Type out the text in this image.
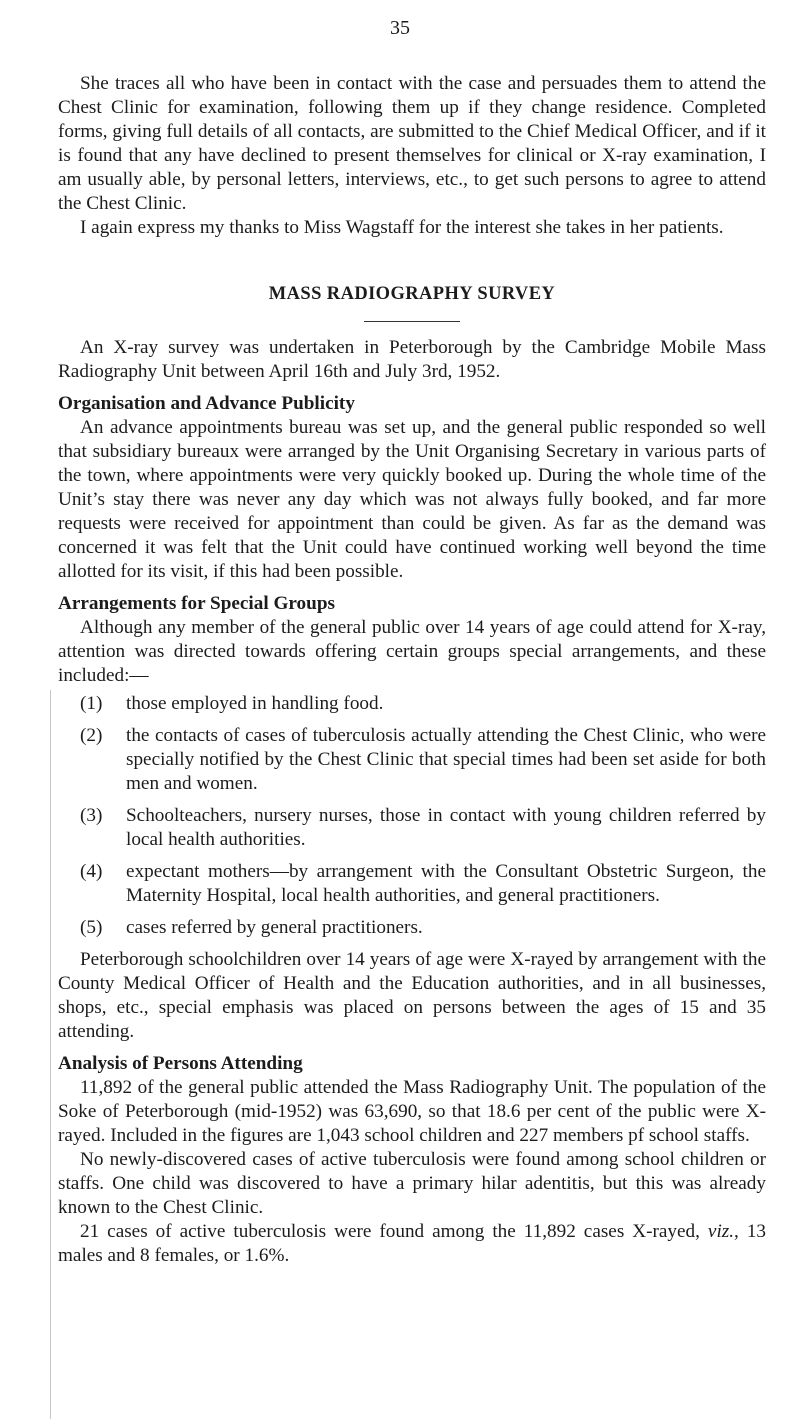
35

She traces all who have been in contact with the case and persuades them to attend the Chest Clinic for examination, following them up if they change residence. Completed forms, giving full details of all contacts, are submitted to the Chief Medical Officer, and if it is found that any have declined to present themselves for clinical or X-ray examination, I am usually able, by personal letters, interviews, etc., to get such persons to agree to attend the Chest Clinic.

I again express my thanks to Miss Wagstaff for the interest she takes in her patients.

MASS RADIOGRAPHY SURVEY

An X-ray survey was undertaken in Peterborough by the Cambridge Mobile Mass Radiography Unit between April 16th and July 3rd, 1952.

Organisation and Advance Publicity

An advance appointments bureau was set up, and the general public responded so well that subsidiary bureaux were arranged by the Unit Organising Secretary in various parts of the town, where appointments were very quickly booked up. During the whole time of the Unit’s stay there was never any day which was not always fully booked, and far more requests were received for appointment than could be given. As far as the demand was concerned it was felt that the Unit could have continued working well beyond the time allotted for its visit, if this had been possible.

Arrangements for Special Groups

Although any member of the general public over 14 years of age could attend for X-ray, attention was directed towards offering certain groups special arrangements, and these included:—

(1) those employed in handling food.
(2) the contacts of cases of tuberculosis actually attending the Chest Clinic, who were specially notified by the Chest Clinic that special times had been set aside for both men and women.
(3) Schoolteachers, nursery nurses, those in contact with young children referred by local health authorities.
(4) expectant mothers—by arrangement with the Consultant Obstetric Surgeon, the Maternity Hospital, local health authorities, and general practitioners.
(5) cases referred by general practitioners.

Peterborough schoolchildren over 14 years of age were X-rayed by arrangement with the County Medical Officer of Health and the Education authorities, and in all businesses, shops, etc., special emphasis was placed on persons between the ages of 15 and 35 attending.

Analysis of Persons Attending

11,892 of the general public attended the Mass Radiography Unit. The population of the Soke of Peterborough (mid-1952) was 63,690, so that 18.6 per cent of the public were X-rayed. Included in the figures are 1,043 school children and 227 members pf school staffs.

No newly-discovered cases of active tuberculosis were found among school children or staffs. One child was discovered to have a primary hilar adentitis, but this was already known to the Chest Clinic.

21 cases of active tuberculosis were found among the 11,892 cases X-rayed, viz., 13 males and 8 females, or 1.6%.
